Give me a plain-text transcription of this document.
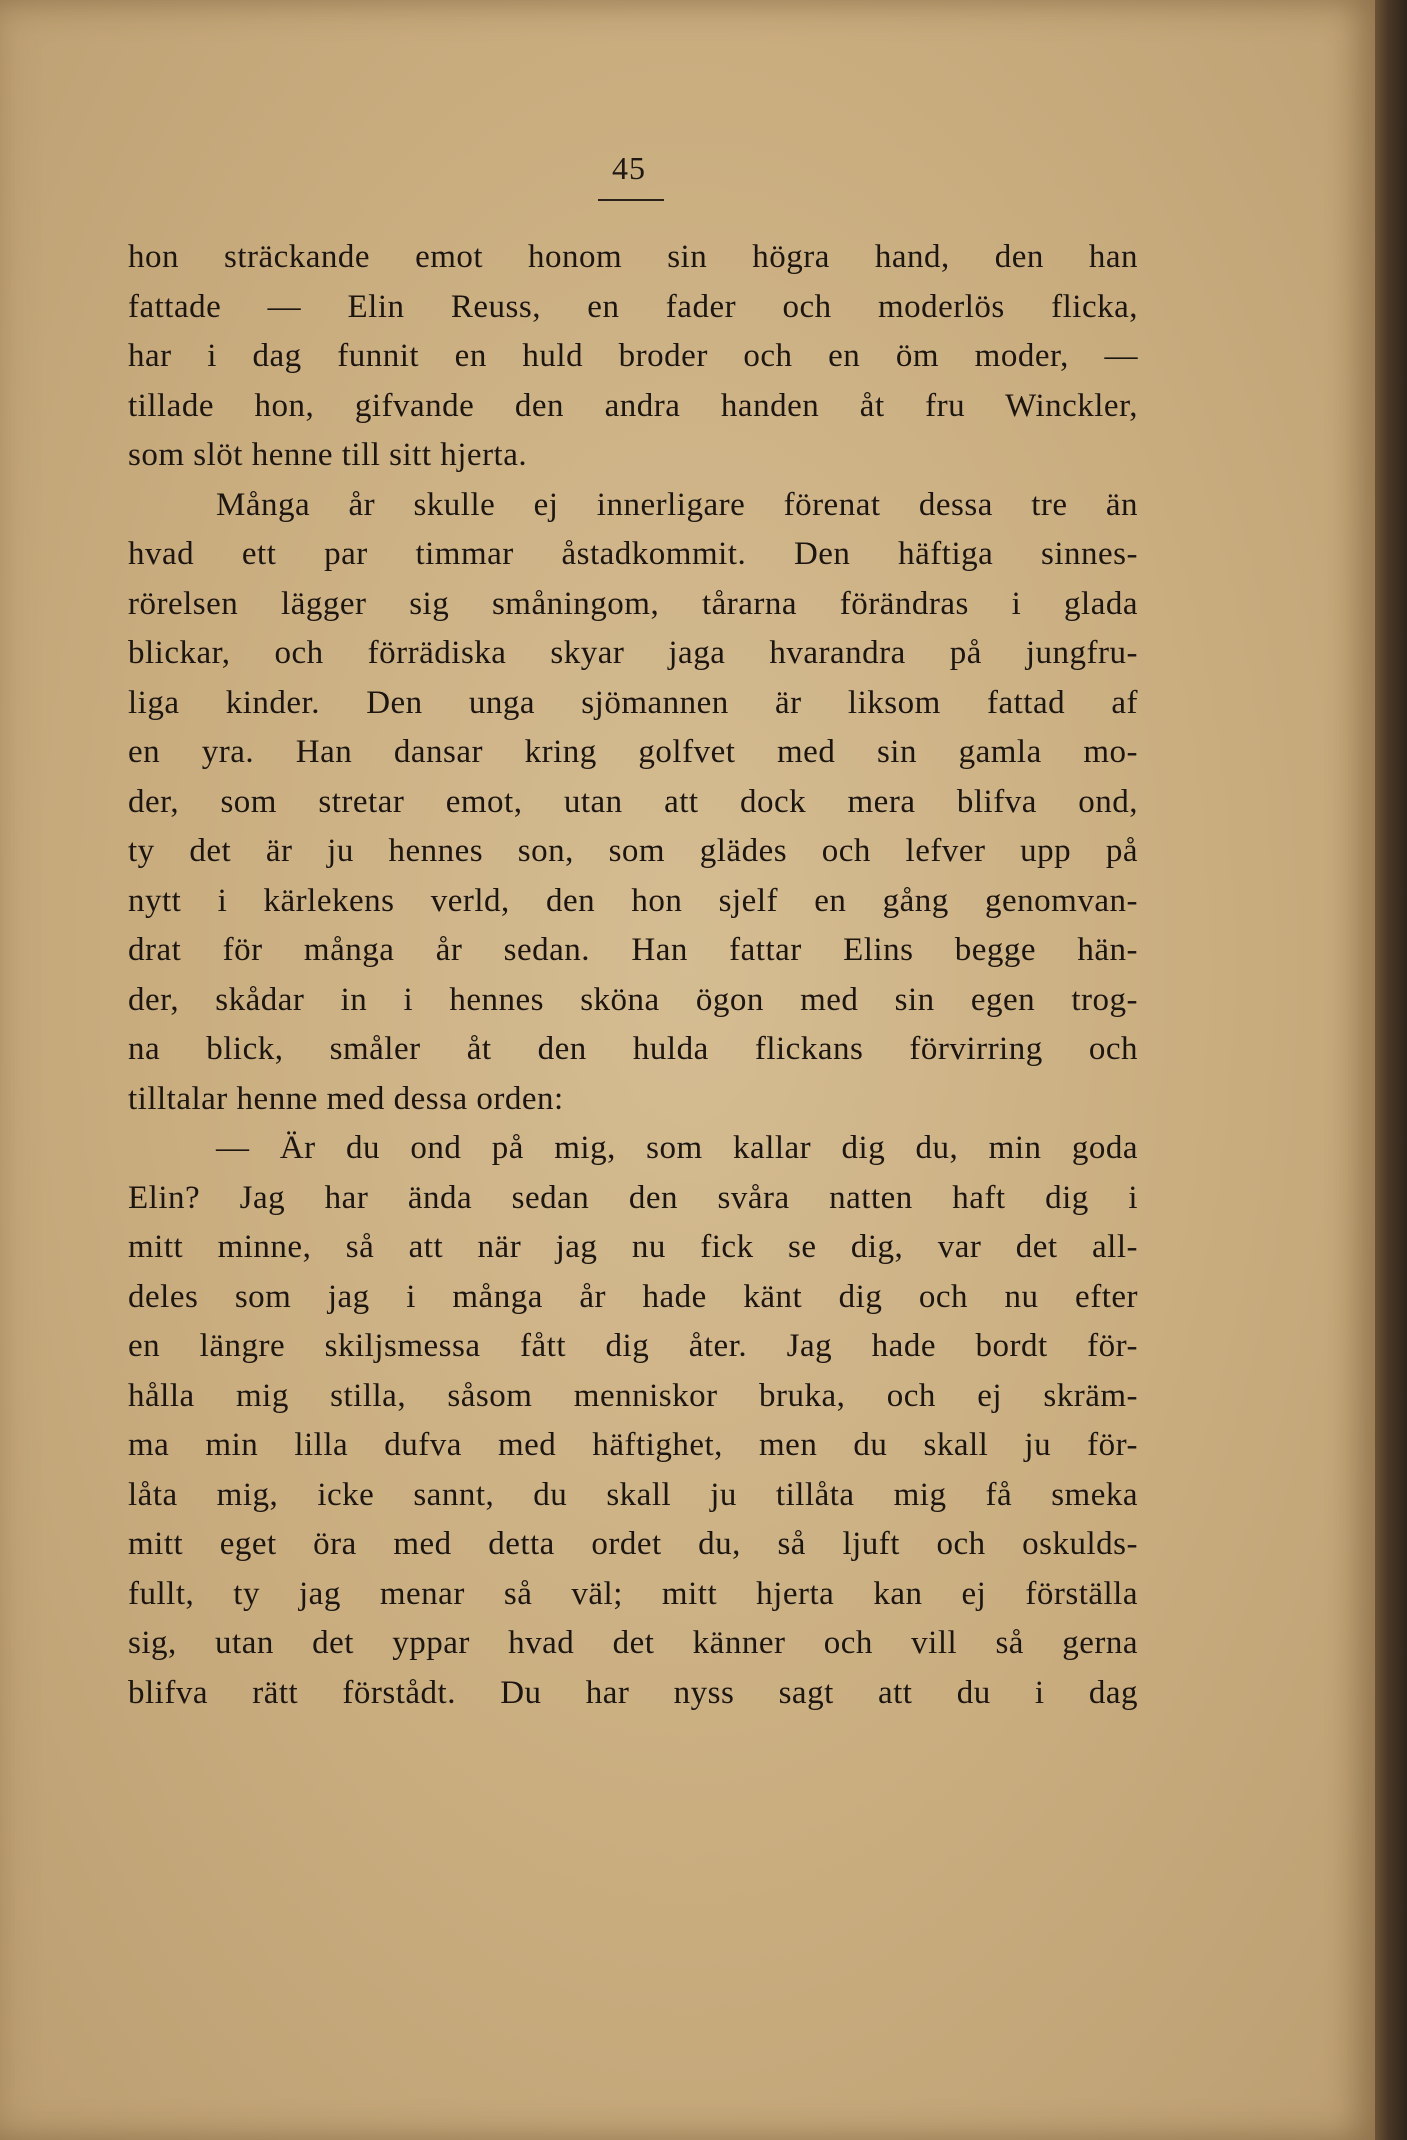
45
hon sträckande emot honom sin högra hand, den han
fattade — Elin Reuss, en fader och moderlös flicka,
har i dag funnit en huld broder och en öm moder, —
tillade hon, gifvande den andra handen åt fru Winckler,
som slöt henne till sitt hjerta.
Många år skulle ej innerligare förenat dessa tre än
hvad ett par timmar åstadkommit. Den häftiga sinnes-
rörelsen lägger sig småningom, tårarna förändras i glada
blickar, och förrädiska skyar jaga hvarandra på jungfru-
liga kinder. Den unga sjömannen är liksom fattad af
en yra. Han dansar kring golfvet med sin gamla mo-
der, som stretar emot, utan att dock mera blifva ond,
ty det är ju hennes son, som glädes och lefver upp på
nytt i kärlekens verld, den hon sjelf en gång genomvan-
drat för många år sedan. Han fattar Elins begge hän-
der, skådar in i hennes sköna ögon med sin egen trog-
na blick, småler åt den hulda flickans förvirring och
tilltalar henne med dessa orden:
— Är du ond på mig, som kallar dig du, min goda
Elin? Jag har ända sedan den svåra natten haft dig i
mitt minne, så att när jag nu fick se dig, var det all-
deles som jag i många år hade känt dig och nu efter
en längre skiljsmessa fått dig åter. Jag hade bordt för-
hålla mig stilla, såsom menniskor bruka, och ej skräm-
ma min lilla dufva med häftighet, men du skall ju för-
låta mig, icke sannt, du skall ju tillåta mig få smeka
mitt eget öra med detta ordet du, så ljuft och oskulds-
fullt, ty jag menar så väl; mitt hjerta kan ej förställa
sig, utan det yppar hvad det känner och vill så gerna
blifva rätt förstådt. Du har nyss sagt att du i dag
